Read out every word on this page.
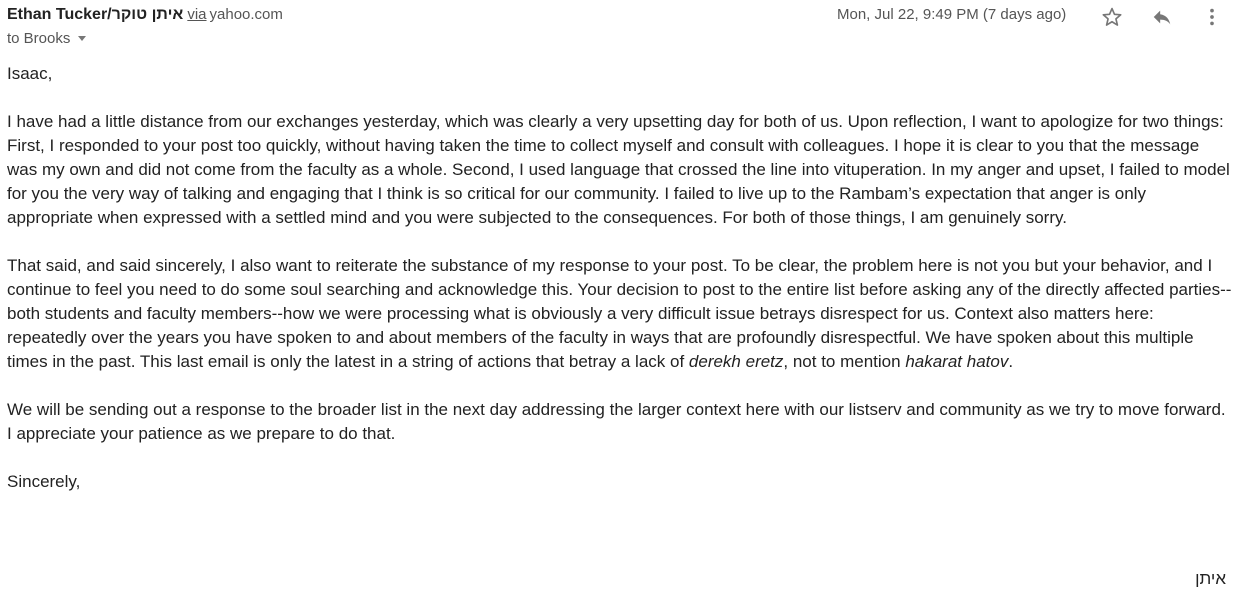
Ethan Tucker/איתן טוקר via yahoo.com
to Brooks
Mon, Jul 22, 9:49 PM (7 days ago)

Isaac,

I have had a little distance from our exchanges yesterday, which was clearly a very upsetting day for both of us. Upon reflection, I want to apologize for two things: First, I responded to your post too quickly, without having taken the time to collect myself and consult with colleagues. I hope it is clear to you that the message was my own and did not come from the faculty as a whole. Second, I used language that crossed the line into vituperation. In my anger and upset, I failed to model for you the very way of talking and engaging that I think is so critical for our community. I failed to live up to the Rambam’s expectation that anger is only appropriate when expressed with a settled mind and you were subjected to the consequences. For both of those things, I am genuinely sorry.

That said, and said sincerely, I also want to reiterate the substance of my response to your post. To be clear, the problem here is not you but your behavior, and I continue to feel you need to do some soul searching and acknowledge this. Your decision to post to the entire list before asking any of the directly affected parties--both students and faculty members--how we were processing what is obviously a very difficult issue betrays disrespect for us. Context also matters here: repeatedly over the years you have spoken to and about members of the faculty in ways that are profoundly disrespectful. We have spoken about this multiple times in the past. This last email is only the latest in a string of actions that betray a lack of derekh eretz, not to mention hakarat hatov.

We will be sending out a response to the broader list in the next day addressing the larger context here with our listserv and community as we try to move forward. I appreciate your patience as we prepare to do that.

Sincerely,

איתן
